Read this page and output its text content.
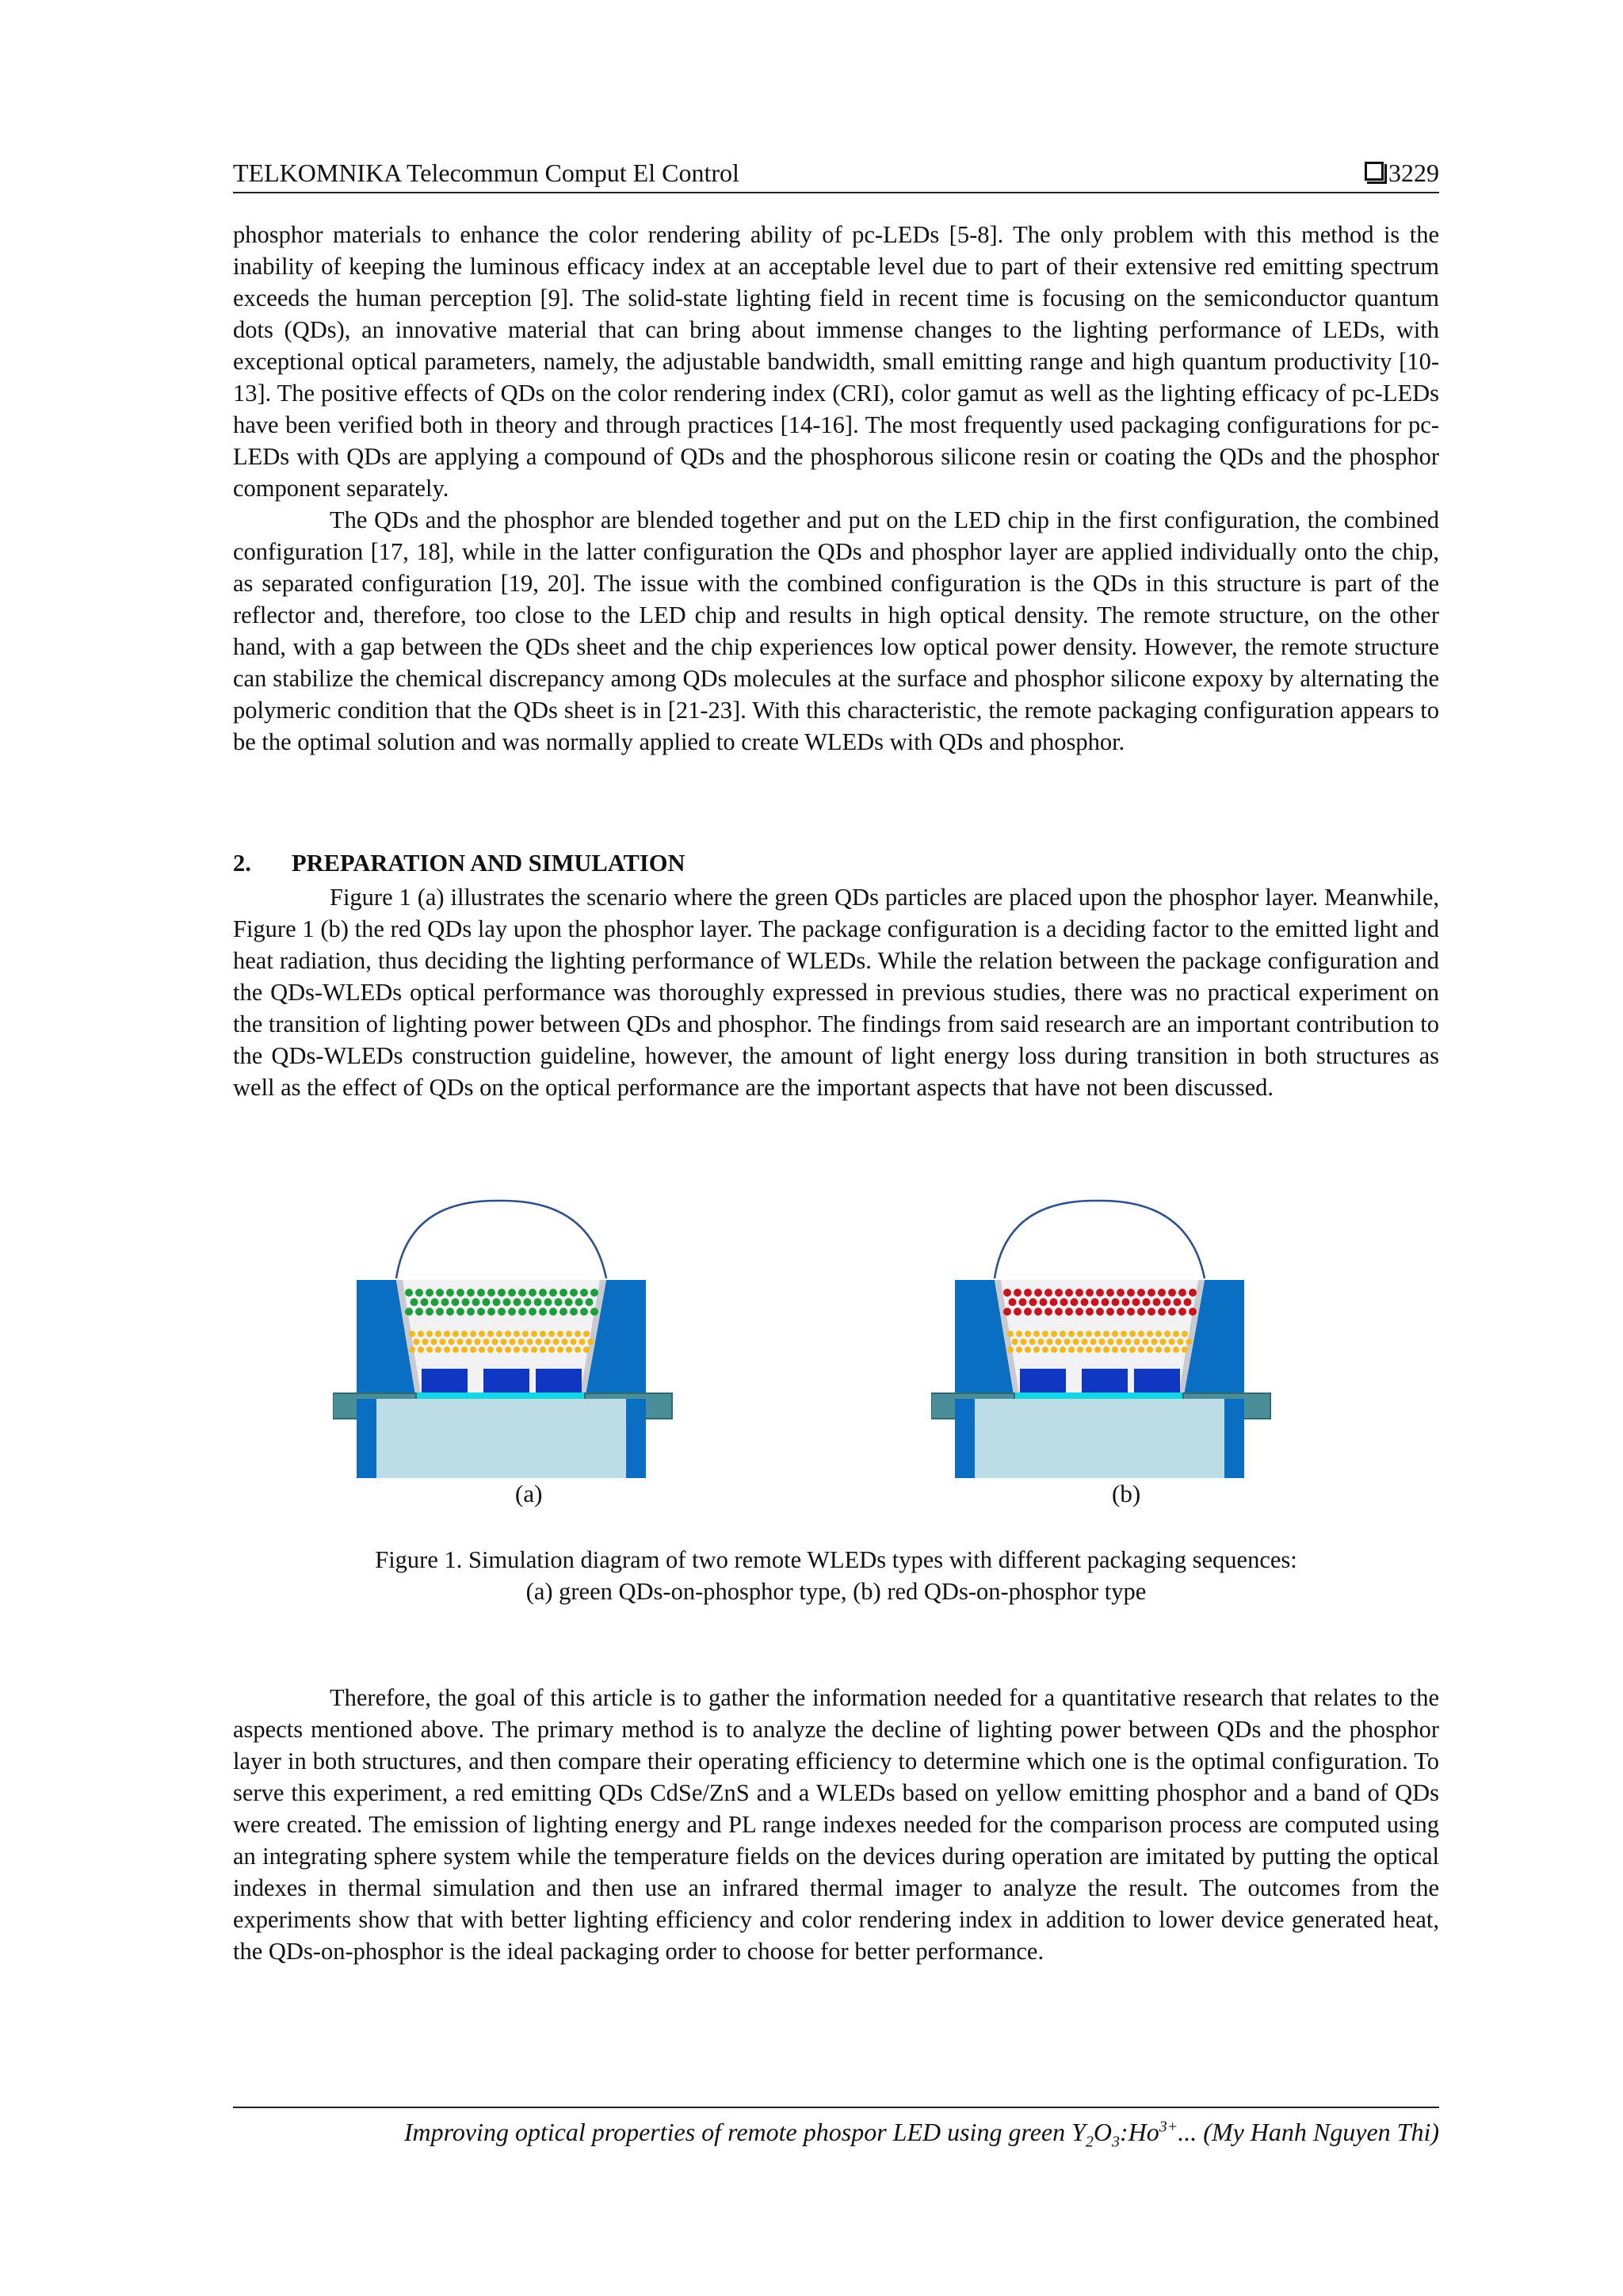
TELKOMNIKA Telecommun Comput El Control	3229

phosphor materials to enhance the color rendering ability of pc-LEDs [5-8]. The only problem with this method is the inability of keeping the luminous efficacy index at an acceptable level due to part of their extensive red emitting spectrum exceeds the human perception [9]. The solid-state lighting field in recent time is focusing on the semiconductor quantum dots (QDs), an innovative material that can bring about immense changes to the lighting performance of LEDs, with exceptional optical parameters, namely, the adjustable bandwidth, small emitting range and high quantum productivity [10-13]. The positive effects of QDs on the color rendering index (CRI), color gamut as well as the lighting efficacy of pc-LEDs have been verified both in theory and through practices [14-16]. The most frequently used packaging configurations for pc-LEDs with QDs are applying a compound of QDs and the phosphorous silicone resin or coating the QDs and the phosphor component separately.

The QDs and the phosphor are blended together and put on the LED chip in the first configuration, the combined configuration [17, 18], while in the latter configuration the QDs and phosphor layer are applied individually onto the chip, as separated configuration [19, 20]. The issue with the combined configuration is the QDs in this structure is part of the reflector and, therefore, too close to the LED chip and results in high optical density. The remote structure, on the other hand, with a gap between the QDs sheet and the chip experiences low optical power density. However, the remote structure can stabilize the chemical discrepancy among QDs molecules at the surface and phosphor silicone expoxy by alternating the polymeric condition that the QDs sheet is in [21-23]. With this characteristic, the remote packaging configuration appears to be the optimal solution and was normally applied to create WLEDs with QDs and phosphor.

2. PREPARATION AND SIMULATION

Figure 1 (a) illustrates the scenario where the green QDs particles are placed upon the phosphor layer. Meanwhile, Figure 1 (b) the red QDs lay upon the phosphor layer. The package configuration is a deciding factor to the emitted light and heat radiation, thus deciding the lighting performance of WLEDs. While the relation between the package configuration and the QDs-WLEDs optical performance was thoroughly expressed in previous studies, there was no practical experiment on the transition of lighting power between QDs and phosphor. The findings from said research are an important contribution to the QDs-WLEDs construction guideline, however, the amount of light energy loss during transition in both structures as well as the effect of QDs on the optical performance are the important aspects that have not been discussed.

(a)	(b)
Figure 1. Simulation diagram of two remote WLEDs types with different packaging sequences:
(a) green QDs-on-phosphor type, (b) red QDs-on-phosphor type

Therefore, the goal of this article is to gather the information needed for a quantitative research that relates to the aspects mentioned above. The primary method is to analyze the decline of lighting power between QDs and the phosphor layer in both structures, and then compare their operating efficiency to determine which one is the optimal configuration. To serve this experiment, a red emitting QDs CdSe/ZnS and a WLEDs based on yellow emitting phosphor and a band of QDs were created. The emission of lighting energy and PL range indexes needed for the comparison process are computed using an integrating sphere system while the temperature fields on the devices during operation are imitated by putting the optical indexes in thermal simulation and then use an infrared thermal imager to analyze the result. The outcomes from the experiments show that with better lighting efficiency and color rendering index in addition to lower device generated heat, the QDs-on-phosphor is the ideal packaging order to choose for better performance.

Improving optical properties of remote phospor LED using green $Y_2O_3:Ho^{3+}$... (My Hanh Nguyen Thi)
